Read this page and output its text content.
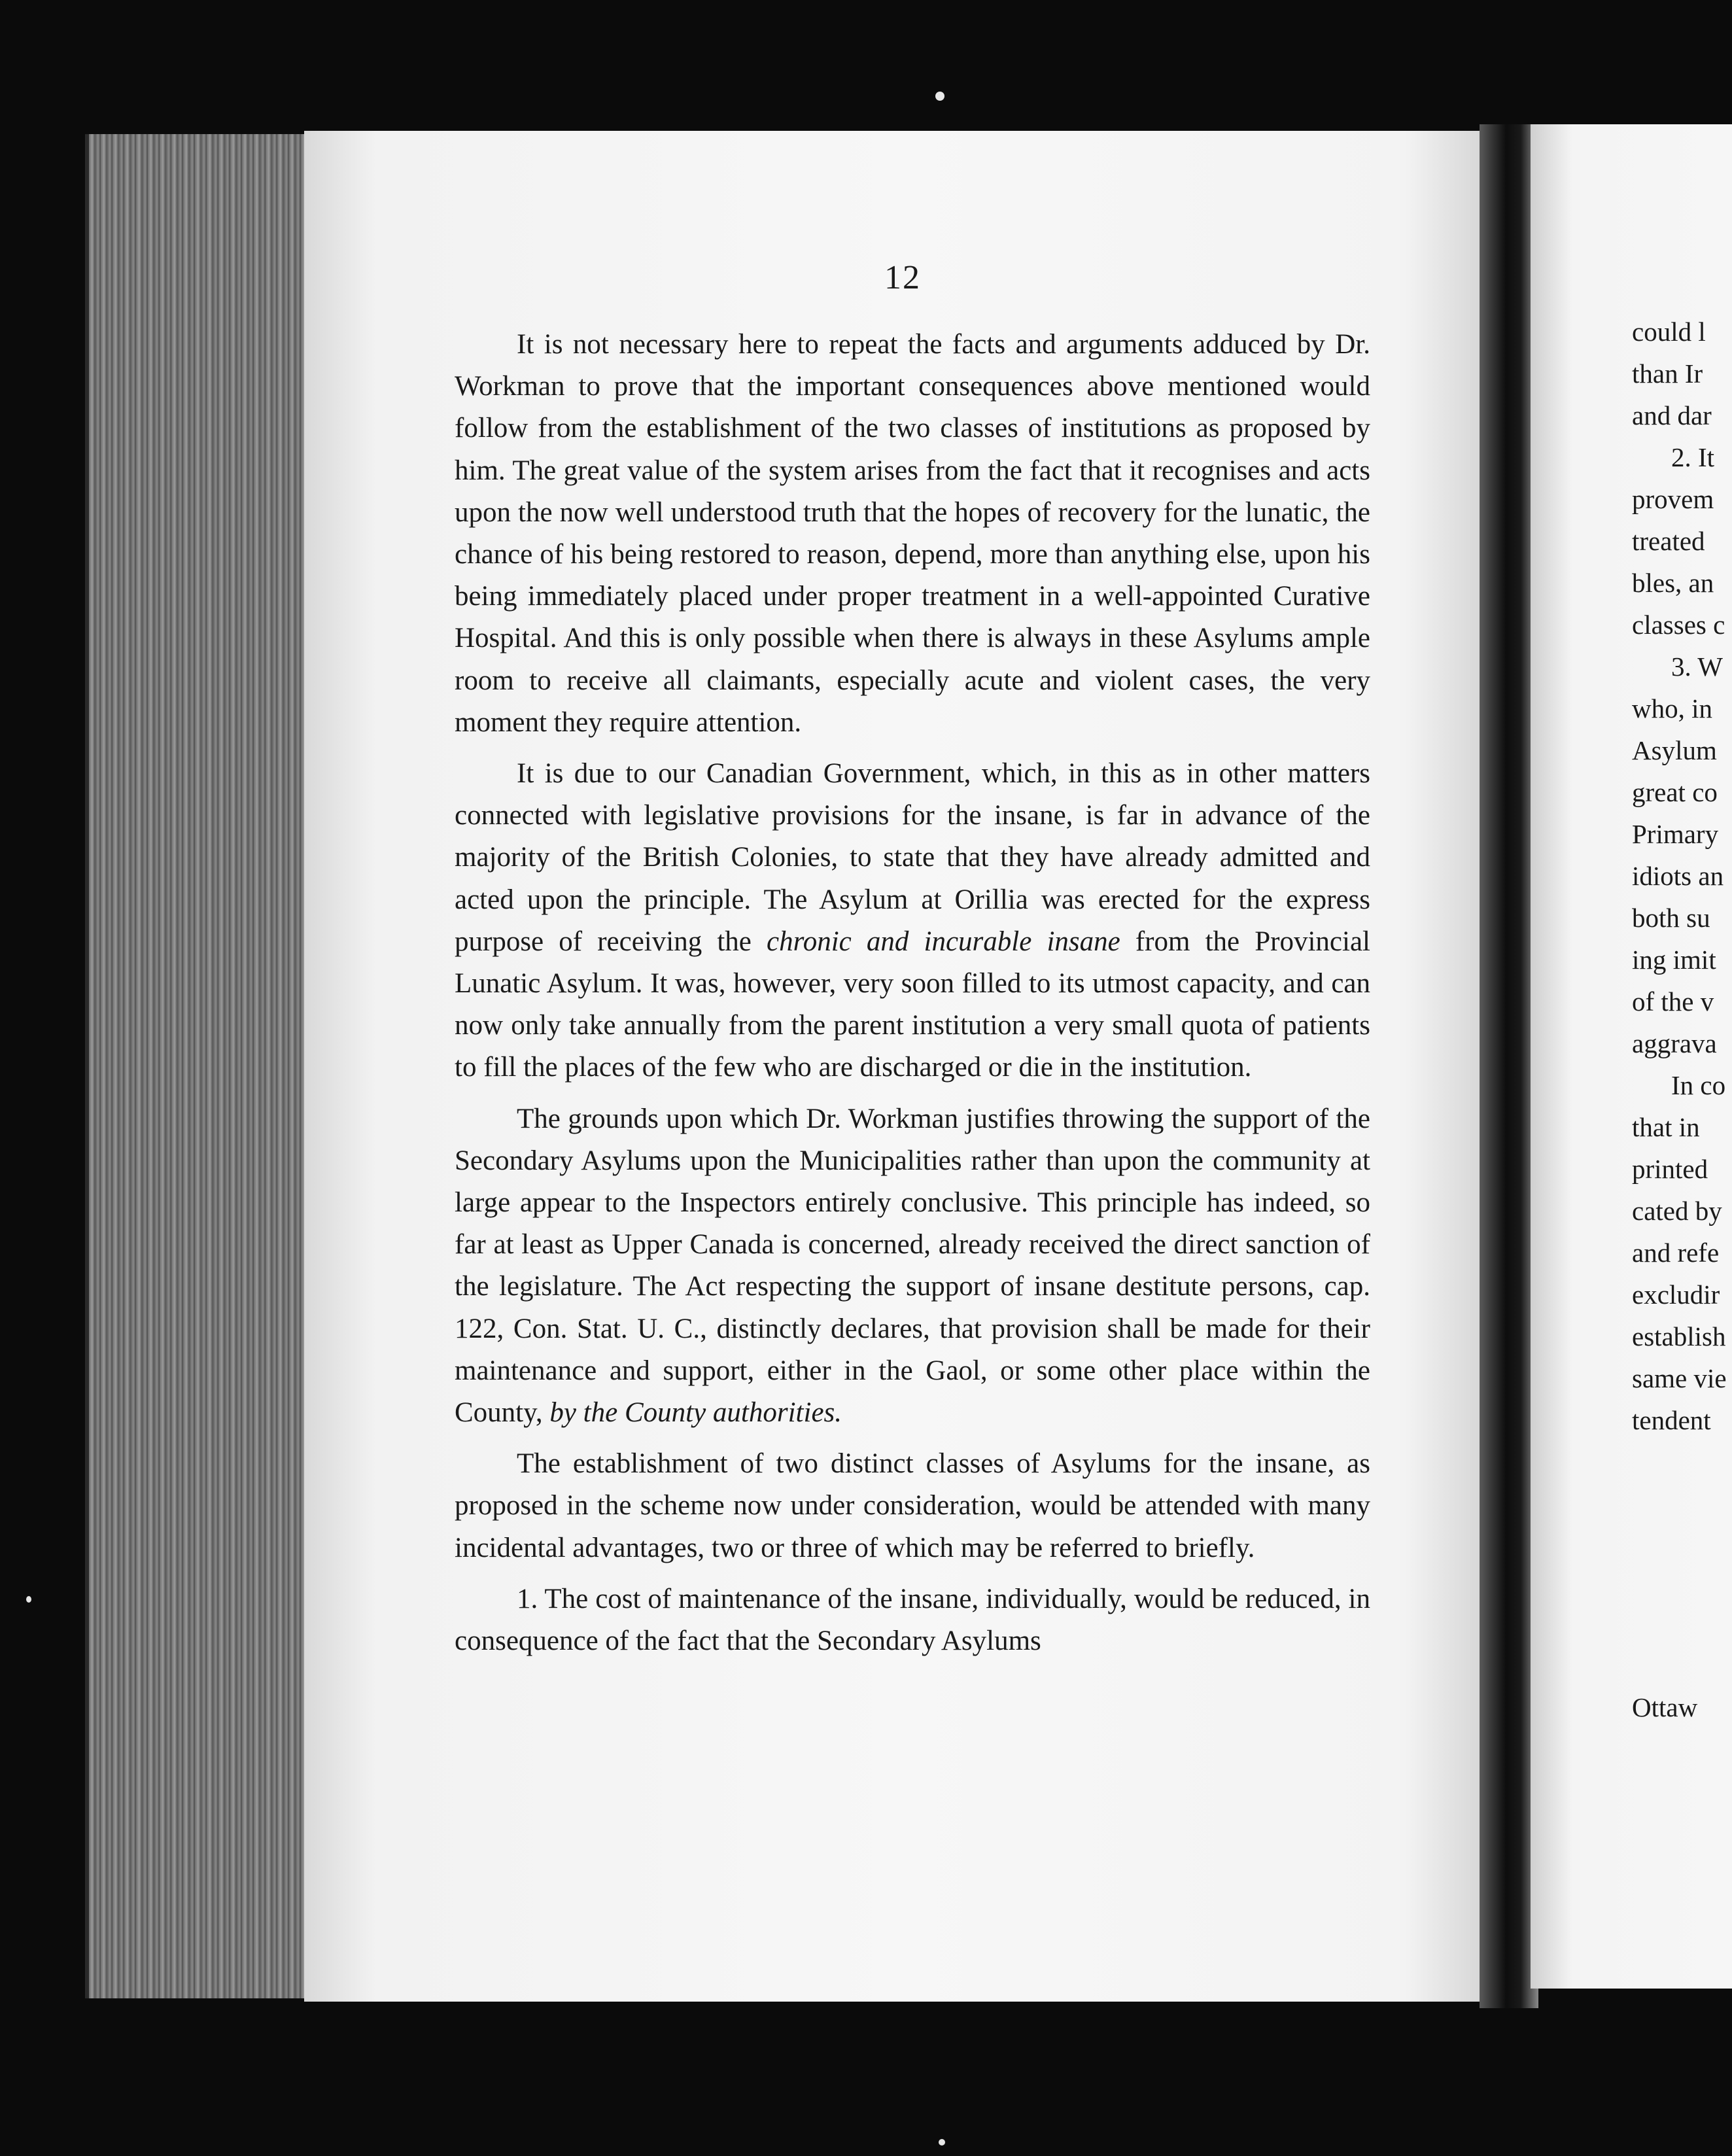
12

It is not necessary here to repeat the facts and arguments adduced by Dr. Workman to prove that the important consequences above mentioned would follow from the establishment of the two classes of institutions as proposed by him. The great value of the system arises from the fact that it recognises and acts upon the now well understood truth that the hopes of recovery for the lunatic, the chance of his being restored to reason, depend, more than anything else, upon his being immediately placed under proper treatment in a well-appointed Curative Hospital. And this is only possible when there is always in these Asylums ample room to receive all claimants, especially acute and violent cases, the very moment they require attention.

It is due to our Canadian Government, which, in this as in other matters connected with legislative provisions for the insane, is far in advance of the majority of the British Colonies, to state that they have already admitted and acted upon the principle. The Asylum at Orillia was erected for the express purpose of receiving the chronic and incurable insane from the Provincial Lunatic Asylum. It was, however, very soon filled to its utmost capacity, and can now only take annually from the parent institution a very small quota of patients to fill the places of the few who are discharged or die in the institution.

The grounds upon which Dr. Workman justifies throwing the support of the Secondary Asylums upon the Municipalities rather than upon the community at large appear to the Inspectors entirely conclusive. This principle has indeed, so far at least as Upper Canada is concerned, already received the direct sanction of the legislature. The Act respecting the support of insane destitute persons, cap. 122, Con. Stat. U. C., distinctly declares, that provision shall be made for their maintenance and support, either in the Gaol, or some other place within the County, by the County authorities.

The establishment of two distinct classes of Asylums for the insane, as proposed in the scheme now under consideration, would be attended with many incidental advantages, two or three of which may be referred to briefly.

1. The cost of maintenance of the insane, individually, would be reduced, in consequence of the fact that the Secondary Asylums

could l

than Ir

and dar

2. It

provem

treated

bles, an

classes c

3. W

who, in

Asylum

great co

Primary

idiots an

both su

ing imit

of the v

aggrava

In co

that in

printed

cated by

and refe

excludir

establish

same vie

tendent

Ottaw
